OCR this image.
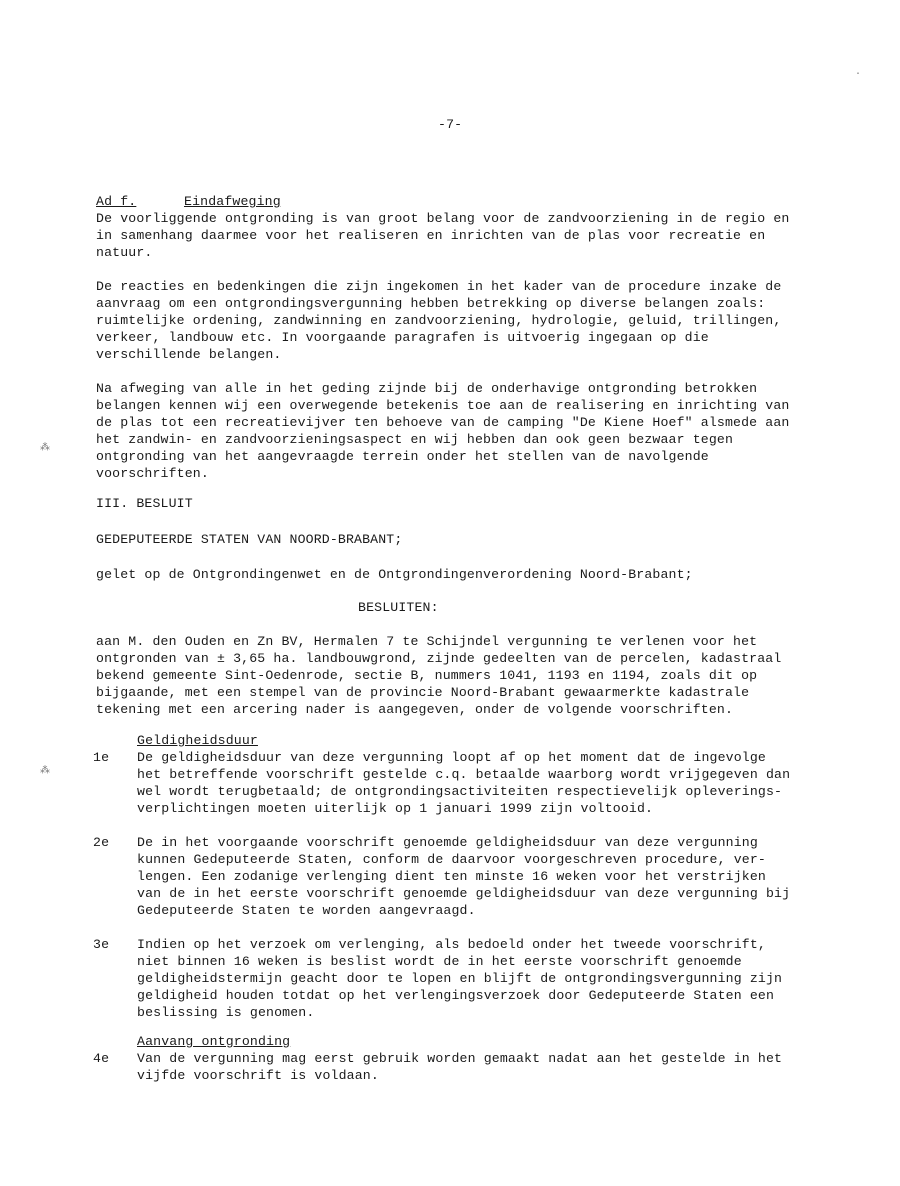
-7-
Ad f.	Eindafweging
De voorliggende ontgronding is van groot belang voor de zandvoorziening in de regio en
in samenhang daarmee voor het realiseren en inrichten van de plas voor recreatie en
natuur.
De reacties en bedenkingen die zijn ingekomen in het kader van de procedure inzake de
aanvraag om een ontgrondingsvergunning hebben betrekking op diverse belangen zoals:
ruimtelijke ordening, zandwinning en zandvoorziening, hydrologie, geluid, trillingen,
verkeer, landbouw etc. In voorgaande paragrafen is uitvoerig ingegaan op die
verschillende belangen.
Na afweging van alle in het geding zijnde bij de onderhavige ontgronding betrokken
belangen kennen wij een overwegende betekenis toe aan de realisering en inrichting van
de plas tot een recreatievijver ten behoeve van de camping "De Kiene Hoef" alsmede aan
het zandwin- en zandvoorzieningsaspect en wij hebben dan ook geen bezwaar tegen
ontgronding van het aangevraagde terrein onder het stellen van de navolgende
voorschriften.
III. BESLUIT
GEDEPUTEERDE STATEN VAN NOORD-BRABANT;
gelet op de Ontgrondingenwet en de Ontgrondingenverordening Noord-Brabant;
BESLUITEN:
aan M. den Ouden en Zn BV, Hermalen 7 te Schijndel vergunning te verlenen voor het
ontgronden van ± 3,65 ha. landbouwgrond, zijnde gedeelten van de percelen, kadastraal
bekend gemeente Sint-Oedenrode, sectie B, nummers 1041, 1193 en 1194, zoals dit op
bijgaande, met een stempel van de provincie Noord-Brabant gewaarmerkte kadastrale
tekening met een arcering nader is aangegeven, onder de volgende voorschriften.
Geldigheidsduur
1e De geldigheidsduur van deze vergunning loopt af op het moment dat de ingevolge
het betreffende voorschrift gestelde c.q. betaalde waarborg wordt vrijgegeven dan
wel wordt terugbetaald; de ontgrondingsactiviteiten respectievelijk opleverings-
verplichtingen moeten uiterlijk op 1 januari 1999 zijn voltooid.
2e De in het voorgaande voorschrift genoemde geldigheidsduur van deze vergunning
kunnen Gedeputeerde Staten, conform de daarvoor voorgeschreven procedure, ver-
lengen. Een zodanige verlenging dient ten minste 16 weken voor het verstrijken
van de in het eerste voorschrift genoemde geldigheidsduur van deze vergunning bij
Gedeputeerde Staten te worden aangevraagd.
3e Indien op het verzoek om verlenging, als bedoeld onder het tweede voorschrift,
niet binnen 16 weken is beslist wordt de in het eerste voorschrift genoemde
geldigheidstermijn geacht door te lopen en blijft de ontgrondingsvergunning zijn
geldigheid houden totdat op het verlengingsverzoek door Gedeputeerde Staten een
beslissing is genomen.
Aanvang ontgronding
4e Van de vergunning mag eerst gebruik worden gemaakt nadat aan het gestelde in het
vijfde voorschrift is voldaan.
⁂
⁂
·
